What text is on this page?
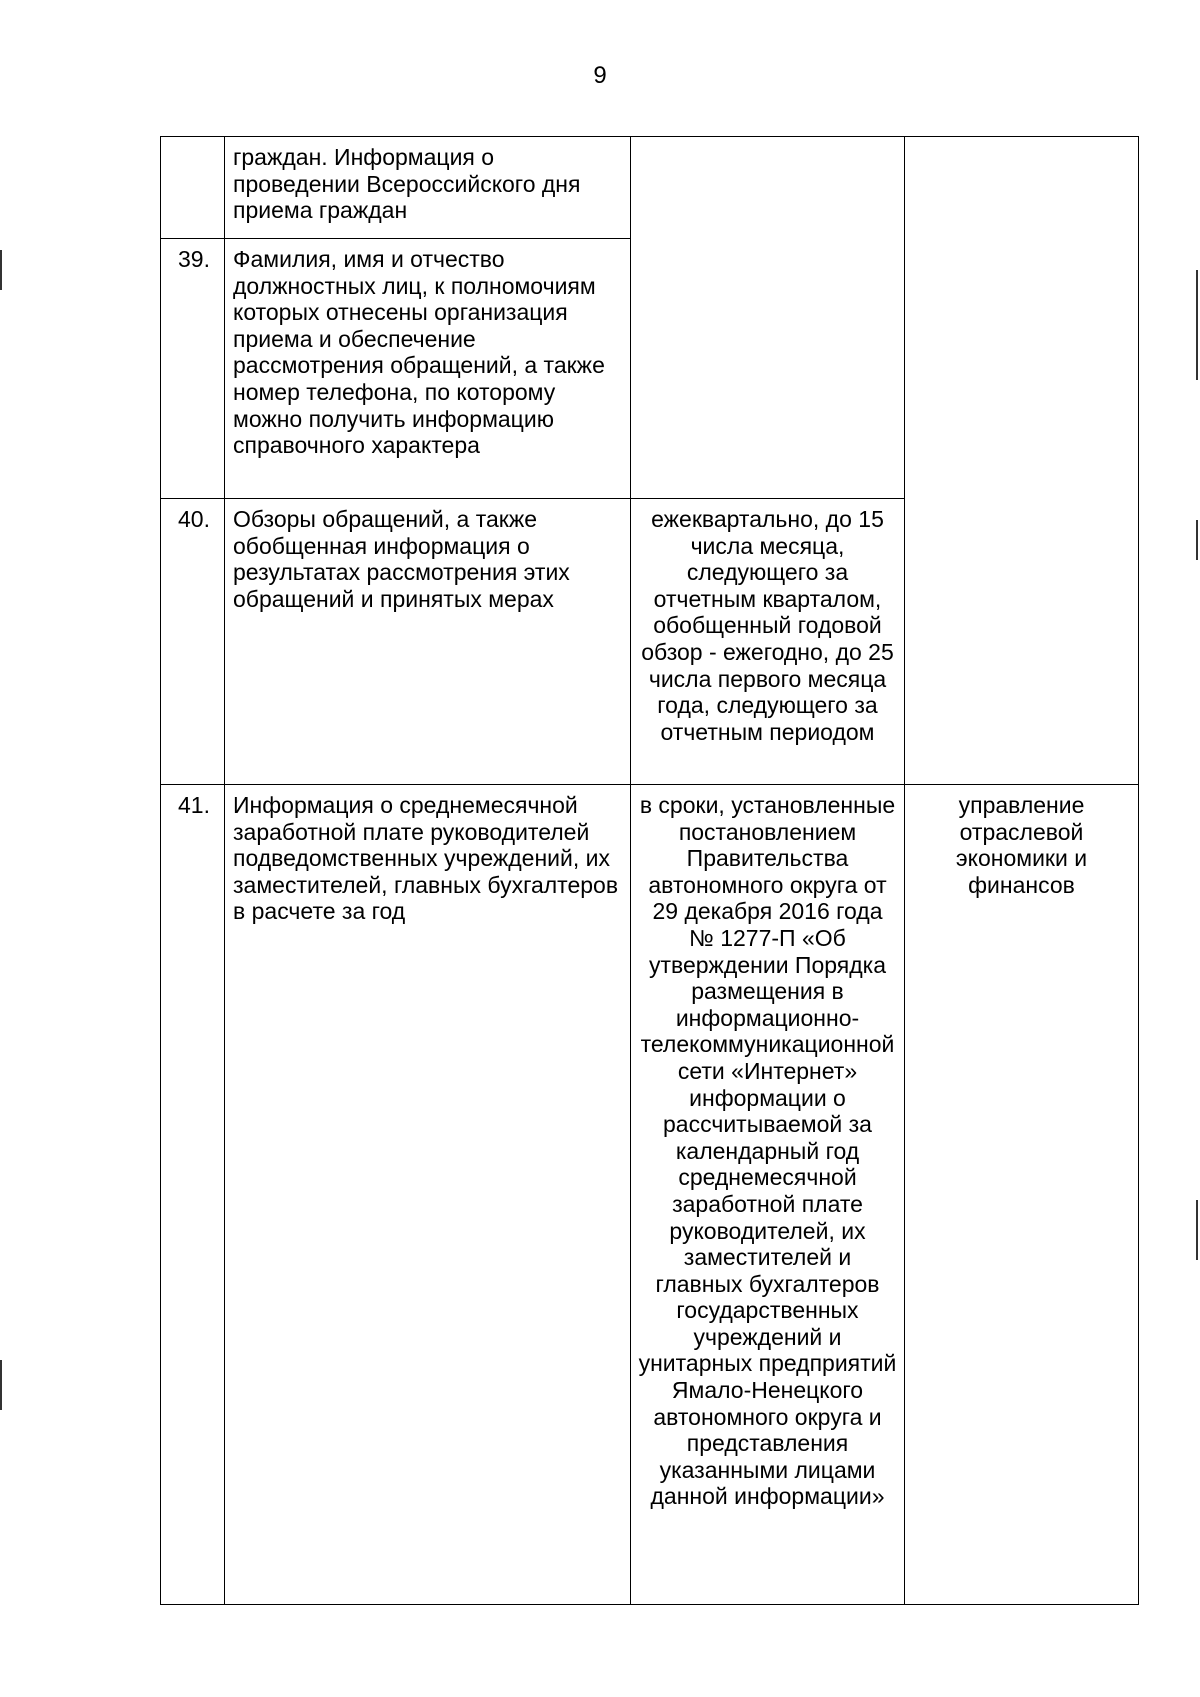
9

	граждан. Информация о проведении Всероссийского дня приема граждан		

39.	Фамилия, имя и отчество должностных лиц, к полномочиям которых отнесены организация приема и обеспечение рассмотрения обращений, а также номер телефона, по которому можно получить информацию справочного характера		

40.	Обзоры обращений, а также обобщенная информация о результатах рассмотрения этих обращений и принятых мерах	ежеквартально, до 15 числа месяца, следующего за отчетным кварталом, обобщенный годовой обзор - ежегодно, до 25 числа первого месяца года, следующего за отчетным периодом	

41.	Информация о среднемесячной заработной плате руководителей подведомственных учреждений, их заместителей, главных бухгалтеров в расчете за год	в сроки, установленные постановлением Правительства автономного округа от 29 декабря 2016 года № 1277-П «Об утверждении Порядка размещения в информационно-телекоммуникационной сети «Интернет» информации о рассчитываемой за календарный год среднемесячной заработной плате руководителей, их заместителей и главных бухгалтеров государственных учреждений и унитарных предприятий Ямало-Ненецкого автономного округа и представления указанными лицами данной информации»	управление отраслевой экономики и финансов
